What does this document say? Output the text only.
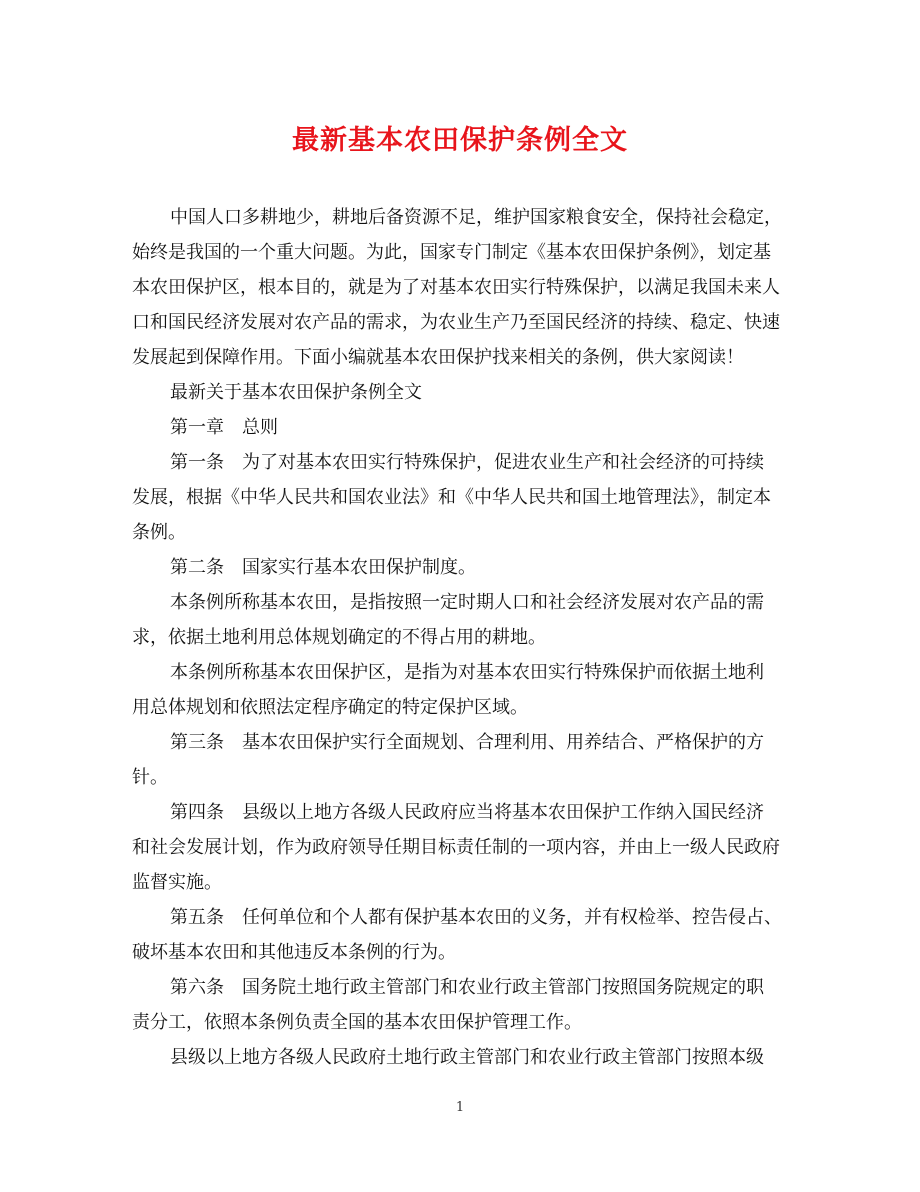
最新基本农田保护条例全文
中国人口多耕地少，耕地后备资源不足，维护国家粮食安全，保持社会稳定，
始终是我国的一个重大问题。为此，国家专门制定《基本农田保护条例》，划定基
本农田保护区，根本目的，就是为了对基本农田实行特殊保护，以满足我国未来人
口和国民经济发展对农产品的需求，为农业生产乃至国民经济的持续、稳定、快速
发展起到保障作用。下面小编就基本农田保护找来相关的条例，供大家阅读！
最新关于基本农田保护条例全文
第一章　总则
第一条　为了对基本农田实行特殊保护，促进农业生产和社会经济的可持续
发展，根据《中华人民共和国农业法》和《中华人民共和国土地管理法》，制定本
条例。
第二条　国家实行基本农田保护制度。
本条例所称基本农田，是指按照一定时期人口和社会经济发展对农产品的需
求，依据土地利用总体规划确定的不得占用的耕地。
本条例所称基本农田保护区，是指为对基本农田实行特殊保护而依据土地利
用总体规划和依照法定程序确定的特定保护区域。
第三条　基本农田保护实行全面规划、合理利用、用养结合、严格保护的方
针。
第四条　县级以上地方各级人民政府应当将基本农田保护工作纳入国民经济
和社会发展计划，作为政府领导任期目标责任制的一项内容，并由上一级人民政府
监督实施。
第五条　任何单位和个人都有保护基本农田的义务，并有权检举、控告侵占、
破坏基本农田和其他违反本条例的行为。
第六条　国务院土地行政主管部门和农业行政主管部门按照国务院规定的职
责分工，依照本条例负责全国的基本农田保护管理工作。
县级以上地方各级人民政府土地行政主管部门和农业行政主管部门按照本级
1
